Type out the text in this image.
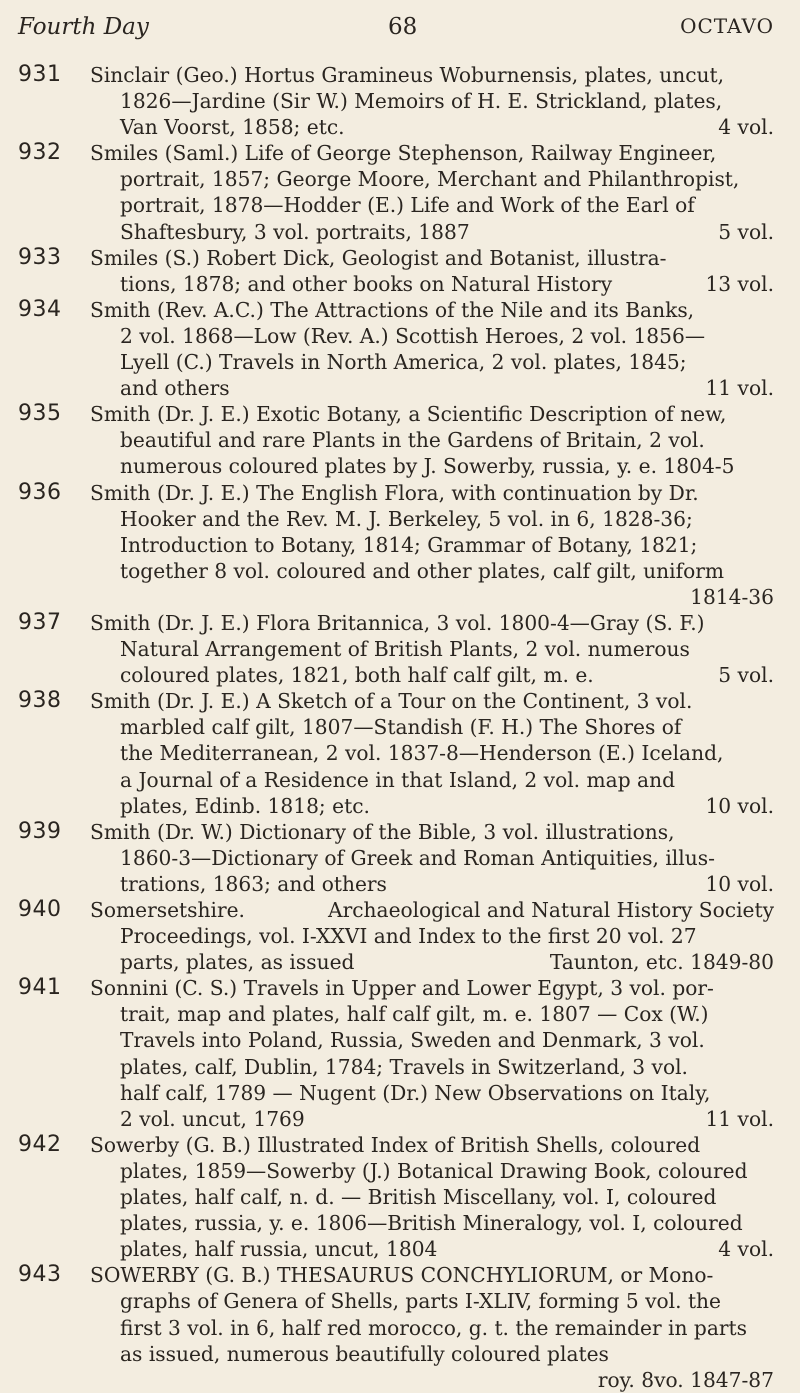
Fourth Day	68	OCTAVO
931 Sinclair (Geo.) Hortus Gramineus Woburnensis, plates, uncut,
1826—Jardine (Sir W.) Memoirs of H. E. Strickland, plates,
Van Voorst, 1858; etc.	4 vol.
932 Smiles (Saml.) Life of George Stephenson, Railway Engineer,
portrait, 1857; George Moore, Merchant and Philanthropist,
portrait, 1878—Hodder (E.) Life and Work of the Earl of
Shaftesbury, 3 vol. portraits, 1887	5 vol.
933 Smiles (S.) Robert Dick, Geologist and Botanist, illustra-
tions, 1878; and other books on Natural History	13 vol.
934 Smith (Rev. A.C.) The Attractions of the Nile and its Banks,
2 vol. 1868—Low (Rev. A.) Scottish Heroes, 2 vol. 1856—
Lyell (C.) Travels in North America, 2 vol. plates, 1845;
and others	11 vol.
935 Smith (Dr. J. E.) Exotic Botany, a Scientific Description of new,
beautiful and rare Plants in the Gardens of Britain, 2 vol.
numerous coloured plates by J. Sowerby, russia, y. e. 1804-5
936 Smith (Dr. J. E.) The English Flora, with continuation by Dr.
Hooker and the Rev. M. J. Berkeley, 5 vol. in 6, 1828-36;
Introduction to Botany, 1814; Grammar of Botany, 1821;
together 8 vol. coloured and other plates, calf gilt, uniform
1814-36
937 Smith (Dr. J. E.) Flora Britannica, 3 vol. 1800-4—Gray (S. F.)
Natural Arrangement of British Plants, 2 vol. numerous
coloured plates, 1821, both half calf gilt, m. e.	5 vol.
938 Smith (Dr. J. E.) A Sketch of a Tour on the Continent, 3 vol.
marbled calf gilt, 1807—Standish (F. H.) The Shores of
the Mediterranean, 2 vol. 1837-8—Henderson (E.) Iceland,
a Journal of a Residence in that Island, 2 vol. map and
plates, Edinb. 1818; etc.	10 vol.
939 Smith (Dr. W.) Dictionary of the Bible, 3 vol. illustrations,
1860-3—Dictionary of Greek and Roman Antiquities, illus-
trations, 1863; and others	10 vol.
940 Somersetshire.	Archaeological and Natural History Society
Proceedings, vol. I-XXVI and Index to the first 20 vol. 27
parts, plates, as issued	Taunton, etc. 1849-80
941 Sonnini (C. S.) Travels in Upper and Lower Egypt, 3 vol. por-
trait, map and plates, half calf gilt, m. e. 1807 — Cox (W.)
Travels into Poland, Russia, Sweden and Denmark, 3 vol.
plates, calf, Dublin, 1784; Travels in Switzerland, 3 vol.
half calf, 1789 — Nugent (Dr.) New Observations on Italy,
2 vol. uncut, 1769	11 vol.
942 Sowerby (G. B.) Illustrated Index of British Shells, coloured
plates, 1859—Sowerby (J.) Botanical Drawing Book, coloured
plates, half calf, n. d. — British Miscellany, vol. I, coloured
plates, russia, y. e. 1806—British Mineralogy, vol. I, coloured
plates, half russia, uncut, 1804	4 vol.
943 SOWERBY (G. B.) THESAURUS CONCHYLIORUM, or Mono-
graphs of Genera of Shells, parts I-XLIV, forming 5 vol. the
first 3 vol. in 6, half red morocco, g. t. the remainder in parts
as issued, numerous beautifully coloured plates
roy. 8vo. 1847-87
